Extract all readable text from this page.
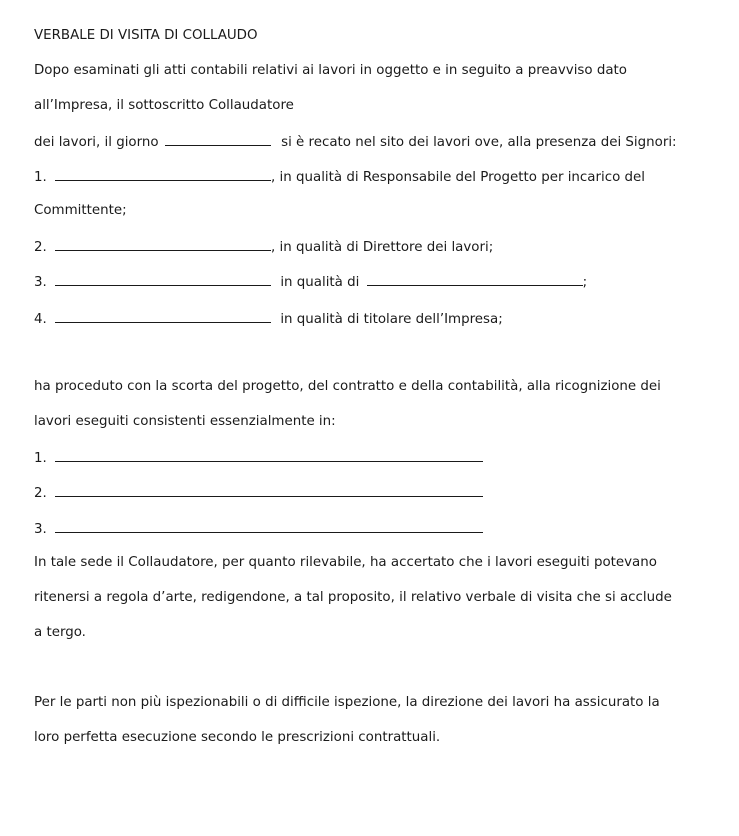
VERBALE DI VISITA DI COLLAUDO
Dopo esaminati gli atti contabili relativi ai lavori in oggetto e in seguito a preavviso dato
all’Impresa, il sottoscritto Collaudatore
dei lavori, il giorno	si è recato nel sito dei lavori ove, alla presenza dei Signori:
1.	, in qualità di Responsabile del Progetto per incarico del
Committente;
2.	, in qualità di Direttore dei lavori;
3.	in qualità di	;
4.	in qualità di titolare dell’Impresa;
ha proceduto con la scorta del progetto, del contratto e della contabilità, alla ricognizione dei
lavori eseguiti consistenti essenzialmente in:
1.
2.
3.
In tale sede il Collaudatore, per quanto rilevabile, ha accertato che i lavori eseguiti potevano
ritenersi a regola d’arte, redigendone, a tal proposito, il relativo verbale di visita che si acclude
a tergo.
Per le parti non più ispezionabili o di difficile ispezione, la direzione dei lavori ha assicurato la
loro perfetta esecuzione secondo le prescrizioni contrattuali.
